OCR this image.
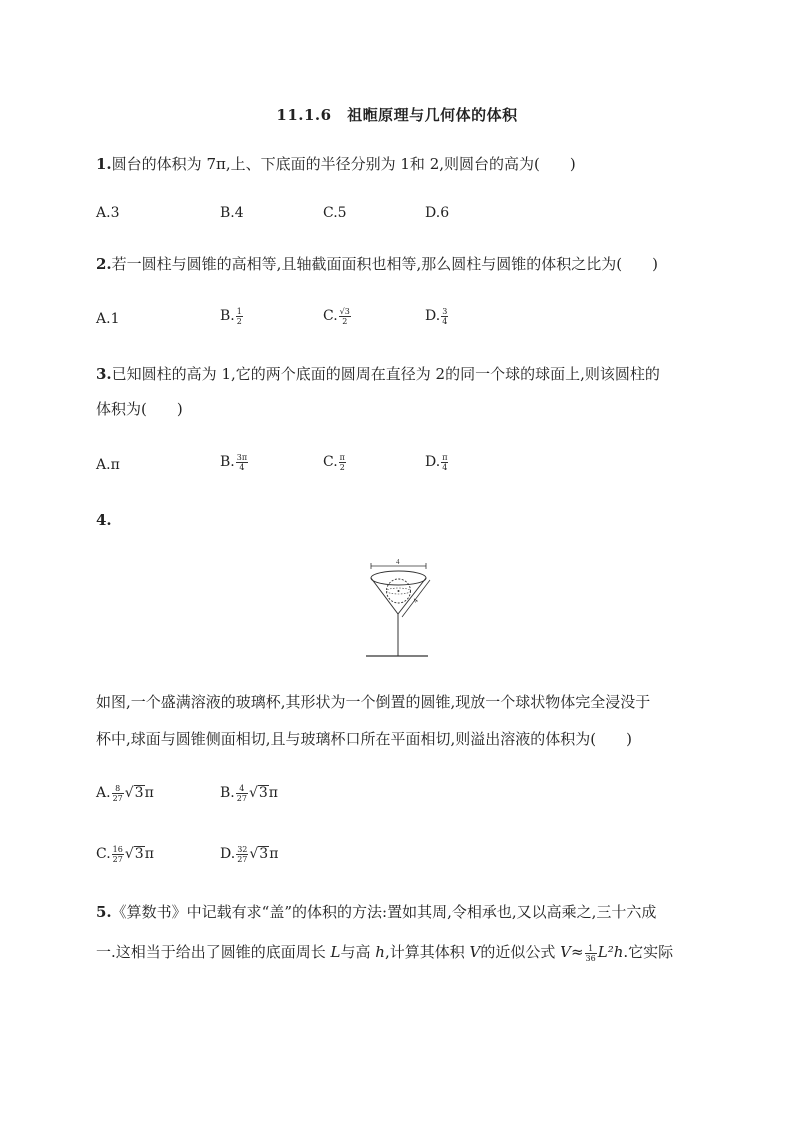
11.1.6　祖暅原理与几何体的体积
1.圆台的体积为 7π,上、下底面的半径分别为 1和 2,则圆台的高为(　　)
A.3	B.4	C.5	D.6
2.若一圆柱与圆锥的高相等,且轴截面面积也相等,那么圆柱与圆锥的体积之比为(　　)
A.1	B. $\frac{1}{2}$	C. $\frac{√3}{2}$	D. $\frac{3}{4}$
3.已知圆柱的高为 1,它的两个底面的圆周在直径为 2的同一个球的球面上,则该圆柱的
体积为(　　)
A.π	B. $\frac{3\pi}{4}$	C. $\frac{\pi}{2}$	D. $\frac{\pi}{4}$
4.
4
4
如图,一个盛满溶液的玻璃杯,其形状为一个倒置的圆锥,现放一个球状物体完全浸没于
杯中,球面与圆锥侧面相切,且与玻璃杯口所在平面相切,则溢出溶液的体积为(　　)
A. $\frac{8}{27} √3\pi$	B. $\frac{4}{27} √3\pi$
C. $\frac{16}{27} √3\pi$	D. $\frac{32}{27} √3\pi$
5.《算数书》中记载有求“盖”的体积的方法:置如其周,令相承也,又以高乘之,三十六成
一.这相当于给出了圆锥的底面周长 L与高 h,计算其体积 V的近似公式 $V\approx \frac{1}{36} L^2h$.它实际
